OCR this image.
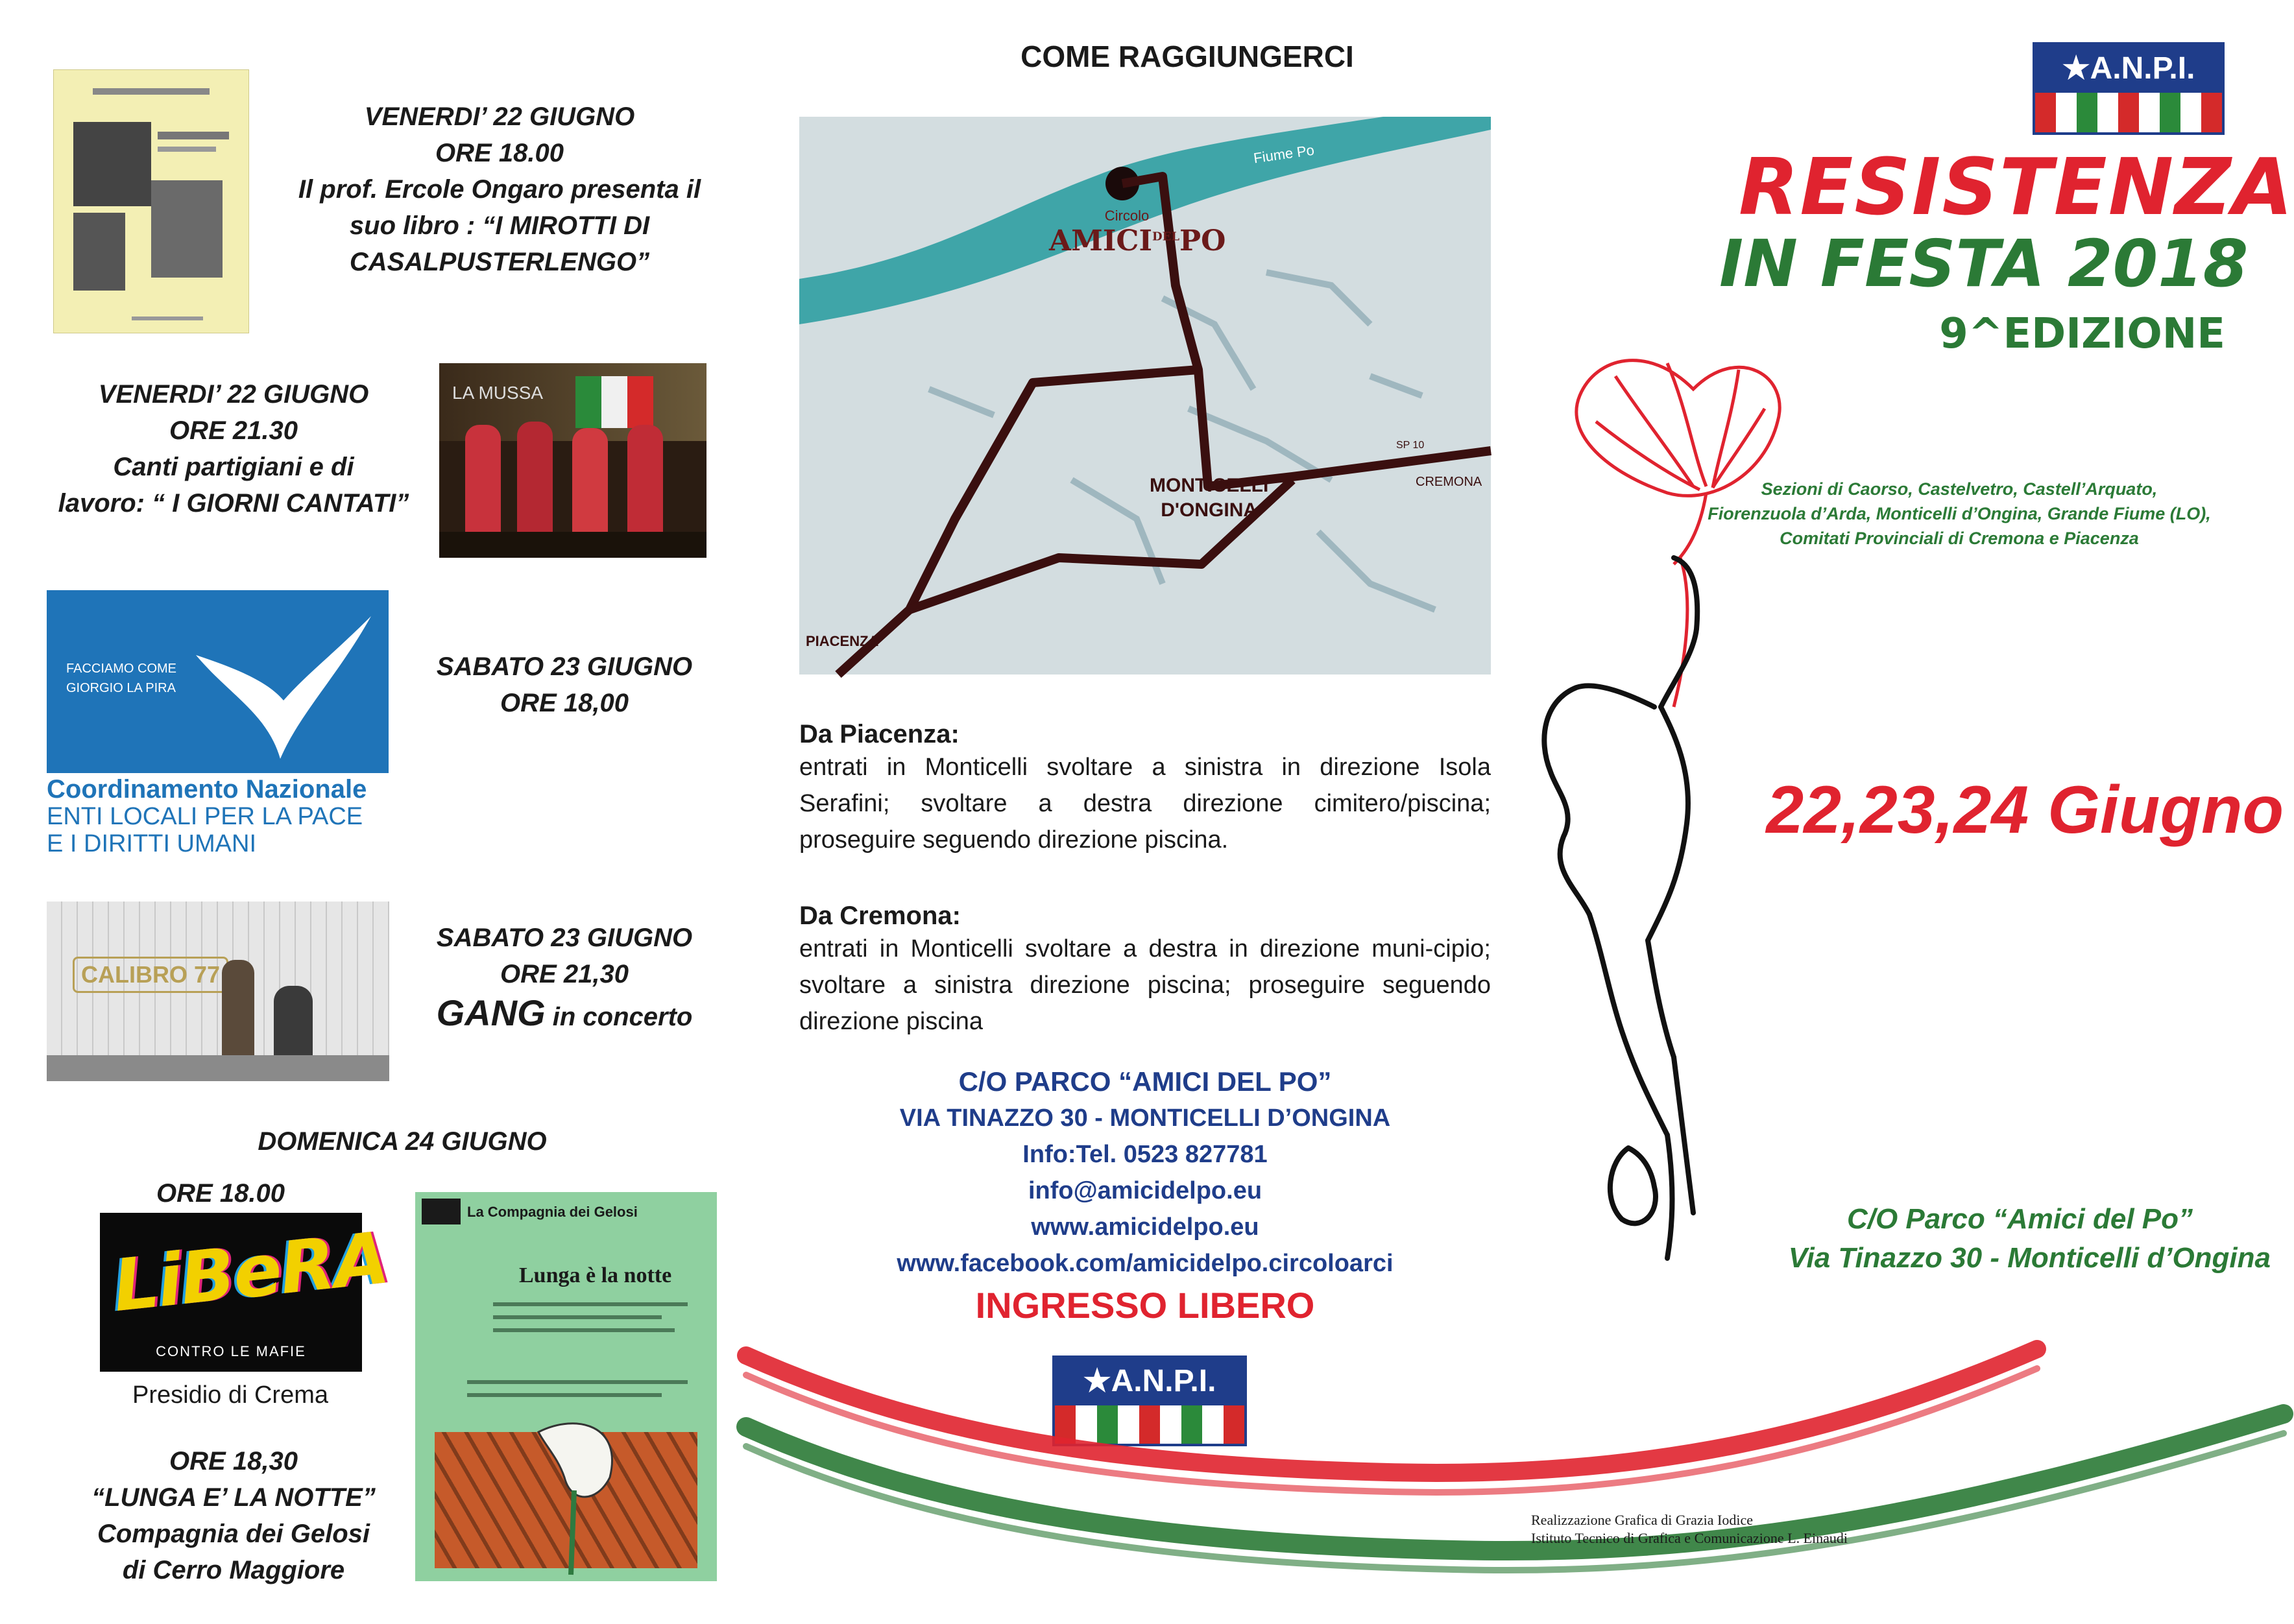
VENERDI’ 22 GIUGNO
ORE 18.00
Il prof. Ercole Ongaro presenta il
suo libro : “I MIROTTI DI
CASALPUSTERLENGO”
VENERDI’ 22 GIUGNO
ORE 21.30
Canti partigiani e di
lavoro: “ I GIORNI CANTATI”
LA MUSSA
FACCIAMO COME
GIORGIO LA PIRA
Coordinamento Nazionale
ENTI LOCALI PER LA PACE
E I DIRITTI UMANI
SABATO 23 GIUGNO
ORE 18,00
CALIBRO 77
SABATO 23 GIUGNO
ORE 21,30
GANG in concerto
DOMENICA 24 GIUGNO
ORE 18.00
LiBeRA
CONTRO LE MAFIE
Presidio di Crema
ORE 18,30
“LUNGA E’ LA NOTTE”
Compagnia dei Gelosi
di Cerro Maggiore
La Compagnia dei Gelosi
Lunga è la notte
COME RAGGIUNGERCI
Fiume Po
Circolo
$AMICI^{DEL}PO$
MONTICELLI
D'ONGINA
CREMONA
SP 10
PIACENZA
Da Piacenza:
entrati in Monticelli svoltare a sinistra in direzione Isola Serafini; svoltare a destra direzione cimitero/piscina; proseguire seguendo direzione piscina.
Da Cremona:
entrati in Monticelli svoltare a destra in direzione muni-cipio; svoltare a sinistra direzione piscina; proseguire seguendo direzione piscina
C/O PARCO “AMICI DEL PO”
VIA TINAZZO 30 - MONTICELLI D’ONGINA
Info:Tel. 0523 827781
info@amicidelpo.eu
www.amicidelpo.eu
www.facebook.com/amicidelpo.circoloarci
INGRESSO LIBERO
★A.N.P.I.
★A.N.P.I.
RESISTENZA
IN FESTA 2018
9^EDIZIONE
Sezioni di Caorso, Castelvetro, Castell’Arquato,
Fiorenzuola d’Arda, Monticelli d’Ongina, Grande Fiume (LO),
Comitati Provinciali di Cremona e Piacenza
22,23,24 Giugno
C/O Parco “Amici del Po”
Via Tinazzo 30 - Monticelli d’Ongina
Realizzazione Grafica di Grazia Iodice
Istituto Tecnico di Grafica e Comunicazione L. Einaudi
